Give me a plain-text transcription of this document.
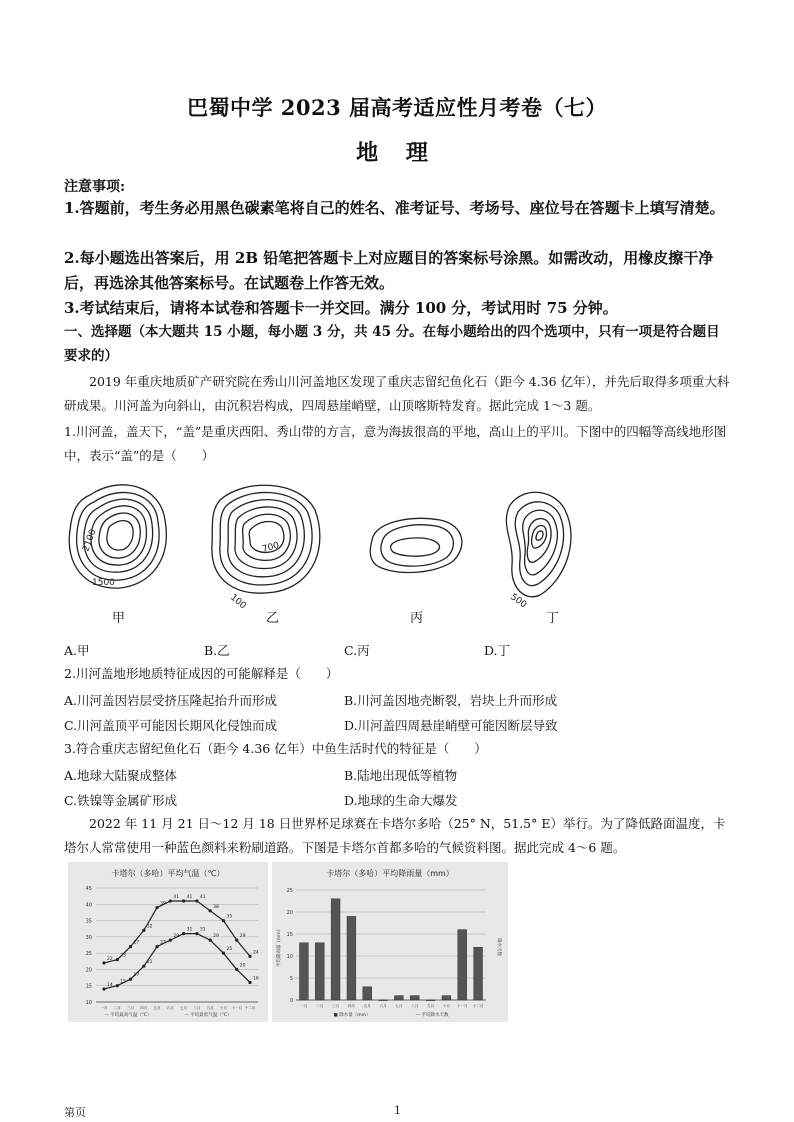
巴蜀中学 2023 届高考适应性月考卷（七）
地 理
注意事项:
1.答题前，考生务必用黑色碳素笔将自己的姓名、准考证号、考场号、座位号在答题卡上填写清楚。
2.每小题选出答案后，用 2B 铅笔把答题卡上对应题目的答案标号涂黑。如需改动，用橡皮擦干净后，再选涂其他答案标号。在试题卷上作答无效。
3.考试结束后，请将本试卷和答题卡一并交回。满分 100 分，考试用时 75 分钟。
一、选择题（本大题共 15 小题，每小题 3 分，共 45 分。在每小题给出的四个选项中，只有一项是符合题目要求的）
2019 年重庆地质矿产研究院在秀山川河盖地区发现了重庆志留纪鱼化石（距今 4.36 亿年），并先后取得多项重大科研成果。川河盖为向斜山，由沉积岩构成，四周悬崖峭壁，山顶喀斯特发育。据此完成 1～3 题。
1.川河盖，盖天下，“盖”是重庆西阳、秀山带的方言，意为海拔很高的平地，高山上的平川。下图中的四幅等高线地形图中，表示“盖”的是（　　）
2100
1500
700
100	500
甲	乙	丙	丁
A.甲	B.乙	C.丙	D.丁
2.川河盖地形地质特征成因的可能解释是（　　）
A.川河盖因岩层受挤压隆起抬升而形成	B.川河盖因地壳断裂，岩块上升而形成
C.川河盖顶平可能因长期风化侵蚀而成	D.川河盖四周悬崖峭壁可能因断层导致
3.符合重庆志留纪鱼化石（距今 4.36 亿年）中鱼生活时代的特征是（　　）
A.地球大陆聚成整体	B.陆地出现低等植物
C.铁镍等金属矿形成	D.地球的生命大爆发
2022 年 11 月 21 日～12 月 18 日世界杯足球赛在卡塔尔多哈（25° N，51.5° E）举行。为了降低路面温度，卡塔尔人常常使用一种蓝色颜料来粉刷道路。下图是卡塔尔首都多哈的气候资料图。据此完成 4～6 题。
卡塔尔（多哈）平均气温（℃）
10
15
20
25
30
35
40
45
一月 二月 三月 四月 五月 六月 七月 八月 九月 十月 十一月 十二月
22
23
27
32
39
41 41 41
38
35
29
24
14
15
17
21
27
29
31 31
29
25
20
16
— 平均最高气温（℃）	— 平均最低气温（℃）
卡塔尔（多哈）平均降雨量（mm）
0
5
10
15
20
25
平均降雨量（mm）	降水天数
一月 二月 三月 四月 五月 六月 七月 八月 九月 十月 十一月 十二月
■ 降水量（mm）	— 平均降水天数
第页	1
